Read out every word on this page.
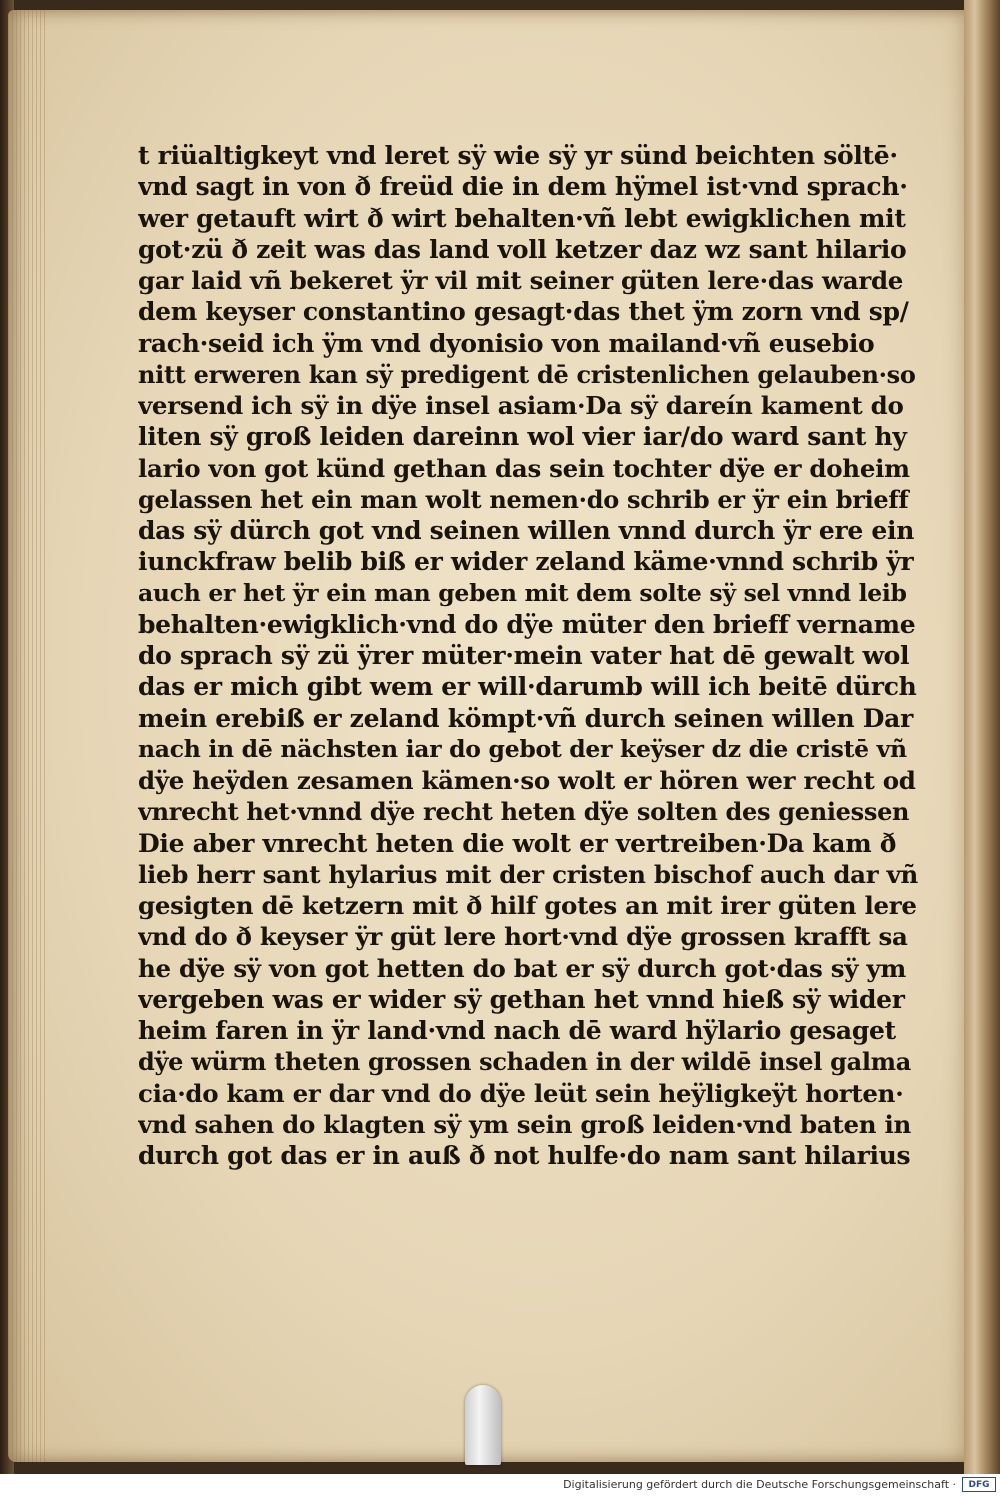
t riüaltigkeyt vnd leret sÿ wie sÿ yr sünd beichten söltē·
vnd sagt in von ð freüd die in dem hÿmel ist·vnd sprach·
wer getauft wirt ð wirt behalten·vñ lebt ewigklichen mit
got·zü ð zeit was das land voll ketzer daz wz sant hilario
gar laid vñ bekeret ÿr vil mit seiner güten lere·das warde
dem keyser constantino gesagt·das thet ÿm zorn vnd sp/
rach·seid ich ÿm vnd dyonisio von mailand·vñ eusebio
nitt erweren kan sÿ predigent dē cristenlichen gelauben·so
versend ich sÿ in dÿe insel asiam·Da sÿ dareín kament do
liten sÿ groß leiden dareinn wol vier iar/do ward sant hy
lario von got künd gethan das sein tochter dÿe er doheim
gelassen het ein man wolt nemen·do schrib er ÿr ein brieff
das sÿ dürch got vnd seinen willen vnnd durch ÿr ere ein
iunckfraw belib biß er wider zeland käme·vnnd schrib ÿr
auch er het ÿr ein man geben mit dem solte sÿ sel vnnd leib
behalten·ewigklich·vnd do dÿe müter den brieff vername
do sprach sÿ zü ÿrer müter·mein vater hat dē gewalt wol
das er mich gibt wem er will·darumb will ich beitē dürch
mein erebiß er zeland kömpt·vñ durch seinen willen Dar
nach in dē nächsten iar do gebot der keÿser dz die cristē vñ
dÿe heÿden zesamen kämen·so wolt er hören wer recht od
vnrecht het·vnnd dÿe recht heten dÿe solten des geniessen
Die aber vnrecht heten die wolt er vertreiben·Da kam ð
lieb herr sant hylarius mit der cristen bischof auch dar vñ
gesigten dē ketzern mit ð hilf gotes an mit irer güten lere
vnd do ð keyser ÿr güt lere hort·vnd dÿe grossen krafft sa
he dÿe sÿ von got hetten do bat er sÿ durch got·das sÿ ym
vergeben was er wider sÿ gethan het vnnd hieß sÿ wider
heim faren in ÿr land·vnd nach dē ward hÿlario gesaget
dÿe würm theten grossen schaden in der wildē insel galma
cia·do kam er dar vnd do dÿe leüt sein heÿligkeÿt horten·
vnd sahen do klagten sÿ ym sein groß leiden·vnd baten in
durch got das er in auß ð not hulfe·do nam sant hilarius
Digitalisierung gefördert durch die Deutsche Forschungsgemeinschaft ·	DFG
